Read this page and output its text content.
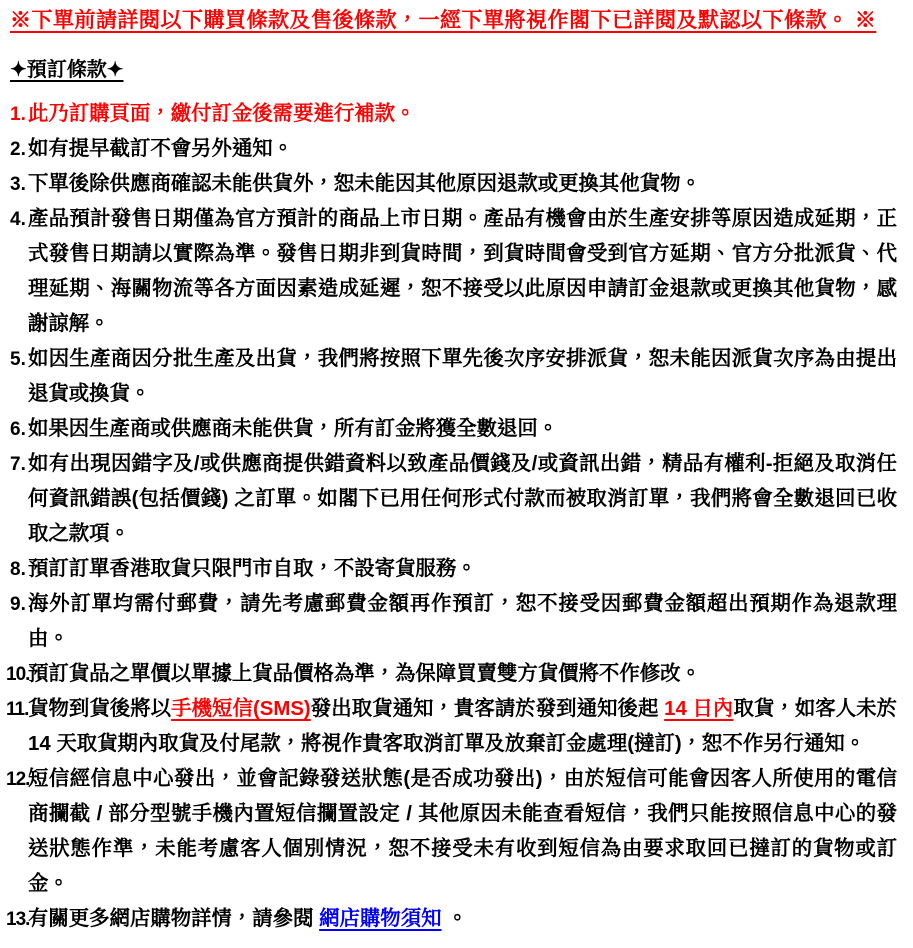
※下單前請詳閱以下購買條款及售後條款，一經下單將視作閣下已詳閱及默認以下條款。 ※
✦預訂條款✦
1. 此乃訂購頁面，繳付訂金後需要進行補款。
2. 如有提早截訂不會另外通知。
3. 下單後除供應商確認未能供貨外，恕未能因其他原因退款或更換其他貨物。
4. 產品預計發售日期僅為官方預計的商品上市日期。產品有機會由於生產安排等原因造成延期，正式發售日期請以實際為準。發售日期非到貨時間，到貨時間會受到官方延期、官方分批派貨、代理延期、海關物流等各方面因素造成延遲，恕不接受以此原因申請訂金退款或更換其他貨物，感謝諒解。
5. 如因生產商因分批生產及出貨，我們將按照下單先後次序安排派貨，恕未能因派貨次序為由提出退貨或換貨。
6. 如果因生產商或供應商未能供貨，所有訂金將獲全數退回。
7. 如有出現因錯字及/或供應商提供錯資料以致產品價錢及/或資訊出錯，精品有權利-拒絕及取消任何資訊錯誤(包括價錢) 之訂單。如閣下已用任何形式付款而被取消訂單，我們將會全數退回已收取之款項。
8. 預訂訂單香港取貨只限門市自取，不設寄貨服務。
9. 海外訂單均需付郵費，請先考慮郵費金額再作預訂，恕不接受因郵費金額超出預期作為退款理由。
10.
預訂貨品之單價以單據上貨品價格為準，為保障買賣雙方貨價將不作修改。
11. 貨物到貨後將以手機短信(SMS)發出取貨通知，貴客請於發到通知後起 14 日內取貨，如客人未於 14 天取貨期內取貨及付尾款，將視作貴客取消訂單及放棄訂金處理(撻訂)，恕不作另行通知。
12.
短信經信息中心發出，並會記錄發送狀態(是否成功發出)，由於短信可能會因客人所使用的電信商攔截 / 部分型號手機內置短信攔置設定 / 其他原因未能查看短信，我們只能按照信息中心的發送狀態作準，未能考慮客人個別情況，恕不接受未有收到短信為由要求取回已撻訂的貨物或訂金。
13.
有關更多網店購物詳情，請參閱 網店購物須知 。
